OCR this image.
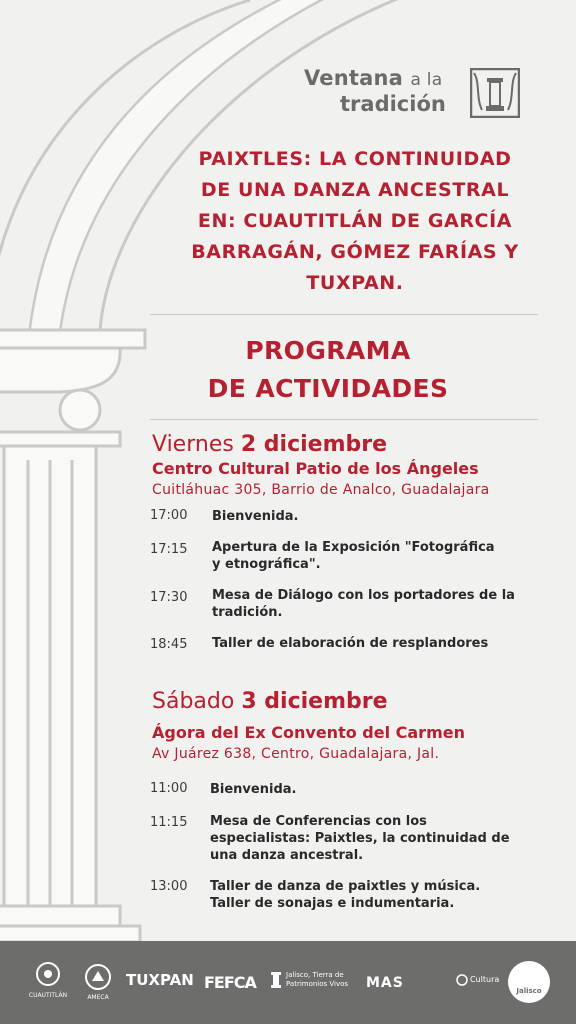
Ventana a la
tradición
PAIXTLES: LA CONTINUIDAD
DE UNA DANZA ANCESTRAL
EN: CUAUTITLÁN DE GARCÍA
BARRAGÁN, GÓMEZ FARÍAS Y
TUXPAN.
PROGRAMA
DE ACTIVIDADES
Viernes 2 diciembre
Centro Cultural Patio de los Ángeles
Cuitláhuac 305, Barrio de Analco, Guadalajara
17:00	Bienvenida.
17:15	Apertura de la Exposición "Fotográfica
y etnográfica".
17:30	Mesa de Diálogo con los portadores de la
tradición.
18:45	Taller de elaboración de resplandores
Sábado 3 diciembre
Ágora del Ex Convento del Carmen
Av Juárez 638, Centro, Guadalajara, Jal.
11:00	Bienvenida.
11:15	Mesa de Conferencias con los
especialistas: Paixtles, la continuidad de
una danza ancestral.
13:00	Taller de danza de paixtles y música.
Taller de sonajas e indumentaria.
CUAUTITLÁN	AMECA
TUXPAN FEFCA	Jalisco, Tierra de Patrimonios Vivos	MAS	Cultura
Jalisco
